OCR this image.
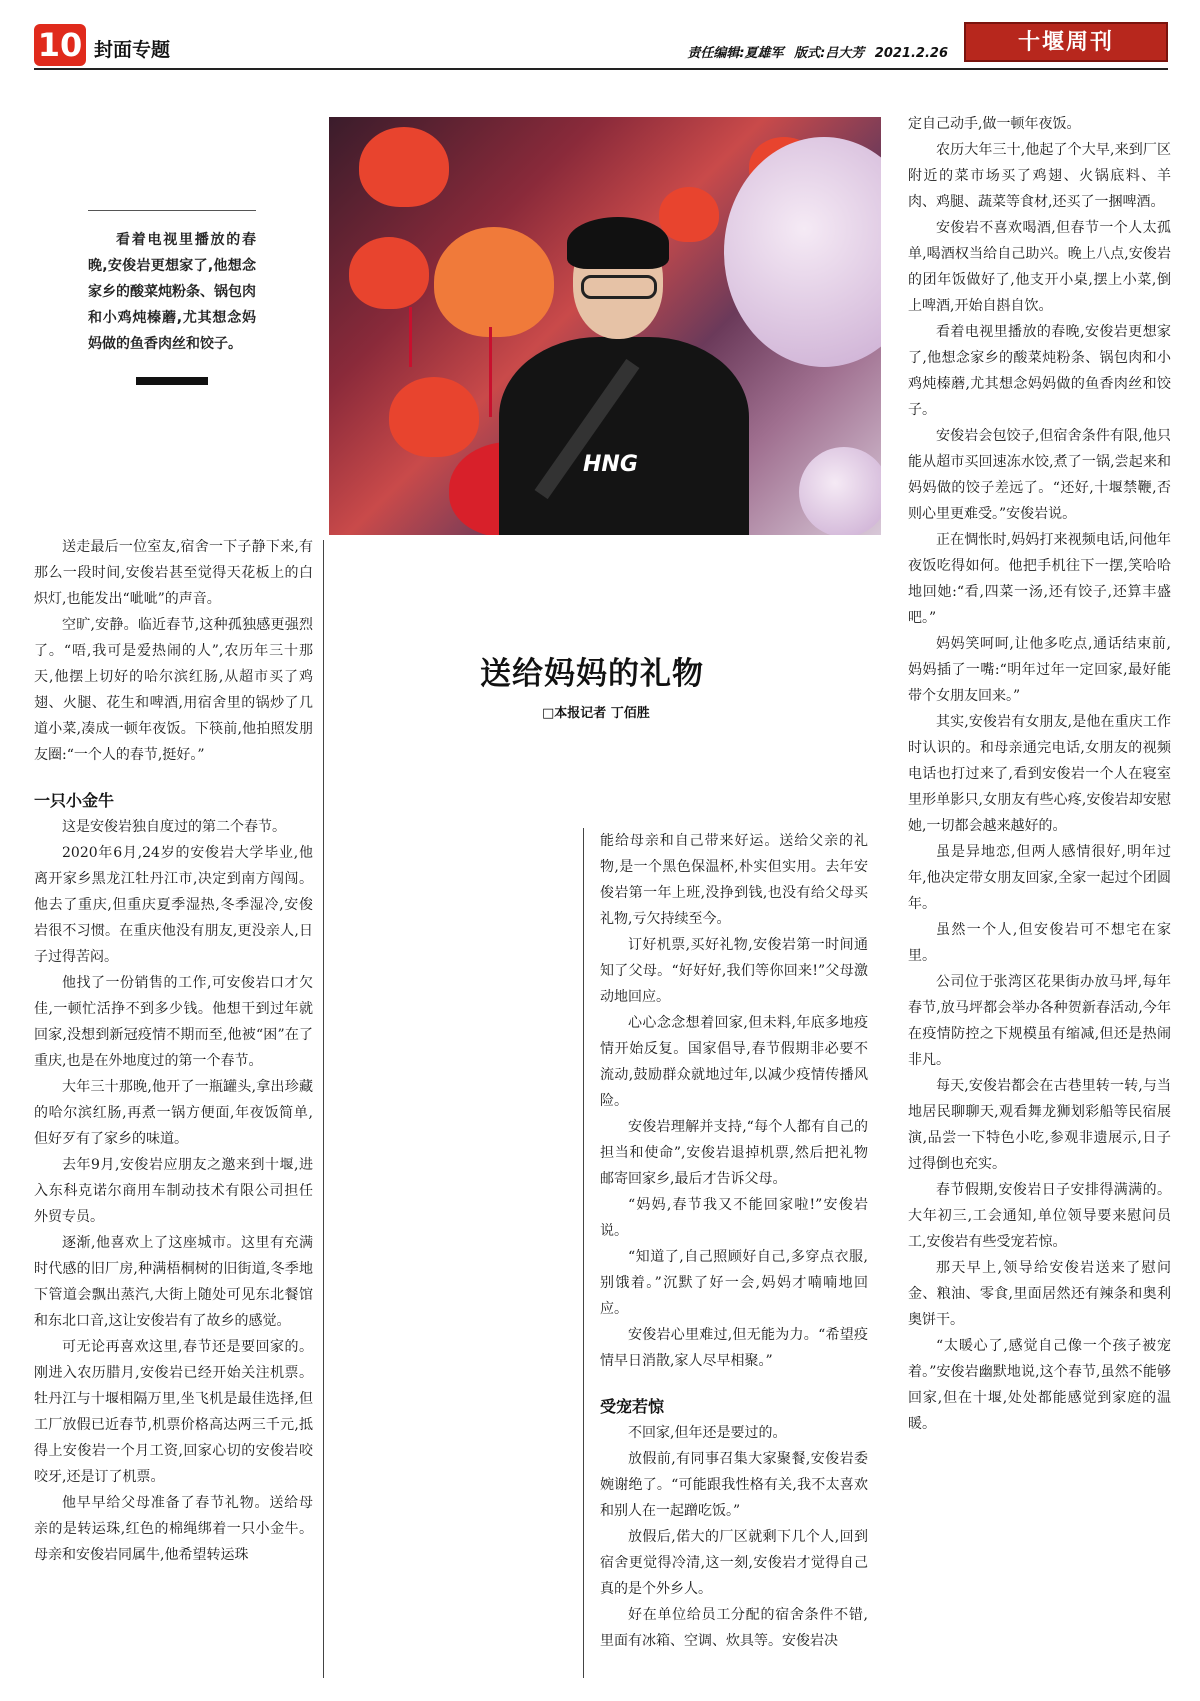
10 封面专题	责任编辑:夏雄军 版式:吕大芳 2021.2.26	十堰周刊

看着电视里播放的春晚,安俊岩更想家了,他想念家乡的酸菜炖粉条、锅包肉和小鸡炖榛蘑,尤其想念妈妈做的鱼香肉丝和饺子。

HNG
送给妈妈的礼物
□本报记者 丁佰胜

送走最后一位室友,宿舍一下子静下来,有那么一段时间,安俊岩甚至觉得天花板上的白炽灯,也能发出“呲呲”的声音。

空旷,安静。临近春节,这种孤独感更强烈了。“唔,我可是爱热闹的人”,农历年三十那天,他摆上切好的哈尔滨红肠,从超市买了鸡翅、火腿、花生和啤酒,用宿舍里的锅炒了几道小菜,凑成一顿年夜饭。下筷前,他拍照发朋友圈:“一个人的春节,挺好。”

一只小金牛

这是安俊岩独自度过的第二个春节。

2020年6月,24岁的安俊岩大学毕业,他离开家乡黑龙江牡丹江市,决定到南方闯闯。他去了重庆,但重庆夏季湿热,冬季湿冷,安俊岩很不习惯。在重庆他没有朋友,更没亲人,日子过得苦闷。

他找了一份销售的工作,可安俊岩口才欠佳,一顿忙活挣不到多少钱。他想干到过年就回家,没想到新冠疫情不期而至,他被“困”在了重庆,也是在外地度过的第一个春节。

大年三十那晚,他开了一瓶罐头,拿出珍藏的哈尔滨红肠,再煮一锅方便面,年夜饭简单,但好歹有了家乡的味道。

去年9月,安俊岩应朋友之邀来到十堰,进入东科克诺尔商用车制动技术有限公司担任外贸专员。

逐渐,他喜欢上了这座城市。这里有充满时代感的旧厂房,种满梧桐树的旧街道,冬季地下管道会飘出蒸汽,大街上随处可见东北餐馆和东北口音,这让安俊岩有了故乡的感觉。

可无论再喜欢这里,春节还是要回家的。刚进入农历腊月,安俊岩已经开始关注机票。牡丹江与十堰相隔万里,坐飞机是最佳选择,但工厂放假已近春节,机票价格高达两三千元,抵得上安俊岩一个月工资,回家心切的安俊岩咬咬牙,还是订了机票。

他早早给父母准备了春节礼物。送给母亲的是转运珠,红色的棉绳绑着一只小金牛。母亲和安俊岩同属牛,他希望转运珠

能给母亲和自己带来好运。送给父亲的礼物,是一个黑色保温杯,朴实但实用。去年安俊岩第一年上班,没挣到钱,也没有给父母买礼物,亏欠持续至今。

订好机票,买好礼物,安俊岩第一时间通知了父母。“好好好,我们等你回来!”父母激动地回应。

心心念念想着回家,但未料,年底多地疫情开始反复。国家倡导,春节假期非必要不流动,鼓励群众就地过年,以减少疫情传播风险。

安俊岩理解并支持,“每个人都有自己的担当和使命”,安俊岩退掉机票,然后把礼物邮寄回家乡,最后才告诉父母。

“妈妈,春节我又不能回家啦!”安俊岩说。

“知道了,自己照顾好自己,多穿点衣服,别饿着。”沉默了好一会,妈妈才喃喃地回应。

安俊岩心里难过,但无能为力。“希望疫情早日消散,家人尽早相聚。”

受宠若惊

不回家,但年还是要过的。

放假前,有同事召集大家聚餐,安俊岩委婉谢绝了。“可能跟我性格有关,我不太喜欢和别人在一起蹭吃饭。”

放假后,偌大的厂区就剩下几个人,回到宿舍更觉得冷清,这一刻,安俊岩才觉得自己真的是个外乡人。

好在单位给员工分配的宿舍条件不错,里面有冰箱、空调、炊具等。安俊岩决

定自己动手,做一顿年夜饭。

农历大年三十,他起了个大早,来到厂区附近的菜市场买了鸡翅、火锅底料、羊肉、鸡腿、蔬菜等食材,还买了一捆啤酒。

安俊岩不喜欢喝酒,但春节一个人太孤单,喝酒权当给自己助兴。晚上八点,安俊岩的团年饭做好了,他支开小桌,摆上小菜,倒上啤酒,开始自斟自饮。

看着电视里播放的春晚,安俊岩更想家了,他想念家乡的酸菜炖粉条、锅包肉和小鸡炖榛蘑,尤其想念妈妈做的鱼香肉丝和饺子。

安俊岩会包饺子,但宿舍条件有限,他只能从超市买回速冻水饺,煮了一锅,尝起来和妈妈做的饺子差远了。“还好,十堰禁鞭,否则心里更难受。”安俊岩说。

正在惆怅时,妈妈打来视频电话,问他年夜饭吃得如何。他把手机往下一摆,笑哈哈地回她:“看,四菜一汤,还有饺子,还算丰盛吧。”

妈妈笑呵呵,让他多吃点,通话结束前,妈妈插了一嘴:“明年过年一定回家,最好能带个女朋友回来。”

其实,安俊岩有女朋友,是他在重庆工作时认识的。和母亲通完电话,女朋友的视频电话也打过来了,看到安俊岩一个人在寝室里形单影只,女朋友有些心疼,安俊岩却安慰她,一切都会越来越好的。

虽是异地恋,但两人感情很好,明年过年,他决定带女朋友回家,全家一起过个团圆年。

虽然一个人,但安俊岩可不想宅在家里。

公司位于张湾区花果街办放马坪,每年春节,放马坪都会举办各种贺新春活动,今年在疫情防控之下规模虽有缩减,但还是热闹非凡。

每天,安俊岩都会在古巷里转一转,与当地居民聊聊天,观看舞龙狮划彩船等民宿展演,品尝一下特色小吃,参观非遗展示,日子过得倒也充实。

春节假期,安俊岩日子安排得满满的。大年初三,工会通知,单位领导要来慰问员工,安俊岩有些受宠若惊。

那天早上,领导给安俊岩送来了慰问金、粮油、零食,里面居然还有辣条和奥利奥饼干。

“太暖心了,感觉自己像一个孩子被宠着。”安俊岩幽默地说,这个春节,虽然不能够回家,但在十堰,处处都能感觉到家庭的温暖。
